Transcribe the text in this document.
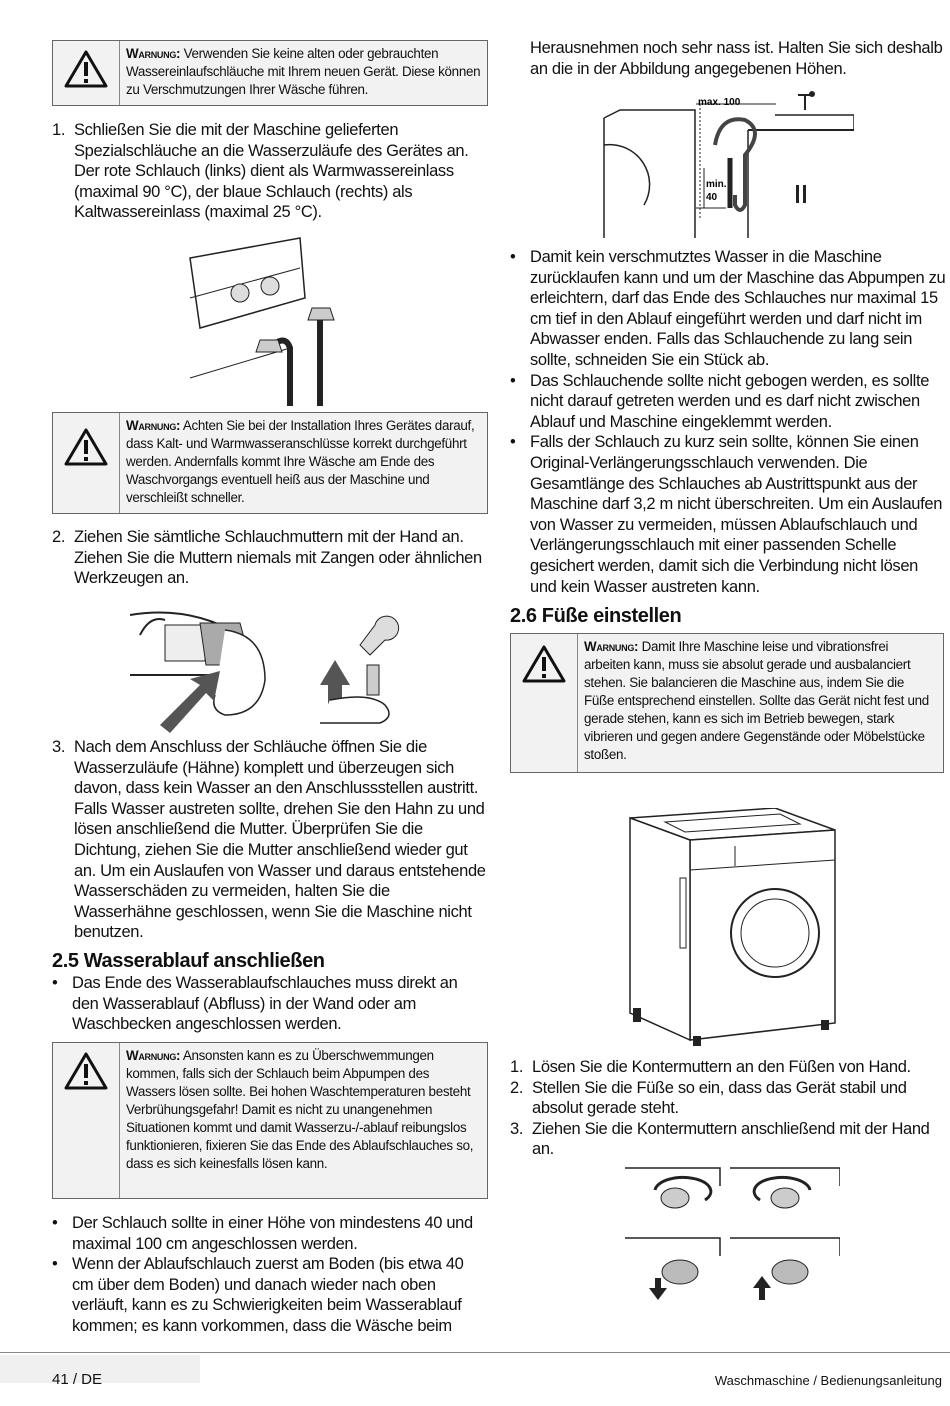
Warnung: Verwenden Sie keine alten oder gebrauchten Wassereinlaufschläuche mit Ihrem neuen Gerät. Diese können zu Verschmutzungen Ihrer Wäsche führen.
1. Schließen Sie die mit der Maschine gelieferten Spezialschläuche an die Wasserzuläufe des Gerätes an. Der rote Schlauch (links) dient als Warmwassereinlass (maximal 90 °C), der blaue Schlauch (rechts) als Kaltwassereinlass (maximal 25 °C).
Warnung: Achten Sie bei der Installation Ihres Gerätes darauf, dass Kalt- und Warmwasseranschlüsse korrekt durchgeführt werden. Andernfalls kommt Ihre Wäsche am Ende des Waschvorgangs eventuell heiß aus der Maschine und verschleißt schneller.
2. Ziehen Sie sämtliche Schlauchmuttern mit der Hand an. Ziehen Sie die Muttern niemals mit Zangen oder ähnlichen Werkzeugen an.
3. Nach dem Anschluss der Schläuche öffnen Sie die Wasserzuläufe (Hähne) komplett und überzeugen sich davon, dass kein Wasser an den Anschlussstellen austritt. Falls Wasser austreten sollte, drehen Sie den Hahn zu und lösen anschließend die Mutter. Überprüfen Sie die Dichtung, ziehen Sie die Mutter anschließend wieder gut an. Um ein Auslaufen von Wasser und daraus entstehende Wasserschäden zu vermeiden, halten Sie die Wasserhähne geschlossen, wenn Sie die Maschine nicht benutzen.
2.5 Wasserablauf anschließen
• Das Ende des Wasserablaufschlauches muss direkt an den Wasserablauf (Abfluss) in der Wand oder am Waschbecken angeschlossen werden.
Warnung: Ansonsten kann es zu Überschwemmungen kommen, falls sich der Schlauch beim Abpumpen des Wassers lösen sollte. Bei hohen Waschtemperaturen besteht Verbrühungsgefahr! Damit es nicht zu unangenehmen Situationen kommt und damit Wasserzu-/-ablauf reibungslos funktionieren, fixieren Sie das Ende des Ablaufschlauches so, dass es sich keinesfalls lösen kann.
• Der Schlauch sollte in einer Höhe von mindestens 40 und maximal 100 cm angeschlossen werden.
• Wenn der Ablaufschlauch zuerst am Boden (bis etwa 40 cm über dem Boden) und danach wieder nach oben verläuft, kann es zu Schwierigkeiten beim Wasserablauf kommen; es kann vorkommen, dass die Wäsche beim

Herausnehmen noch sehr nass ist. Halten Sie sich deshalb an die in der Abbildung angegebenen Höhen.

max. 100
min.
40
• Damit kein verschmutztes Wasser in die Maschine zurücklaufen kann und um der Maschine das Abpumpen zu erleichtern, darf das Ende des Schlauches nur maximal 15 cm tief in den Ablauf eingeführt werden und darf nicht im Abwasser enden. Falls das Schlauchende zu lang sein sollte, schneiden Sie ein Stück ab.
• Das Schlauchende sollte nicht gebogen werden, es sollte nicht darauf getreten werden und es darf nicht zwischen Ablauf und Maschine eingeklemmt werden.
• Falls der Schlauch zu kurz sein sollte, können Sie einen Original-Verlängerungsschlauch verwenden. Die Gesamtlänge des Schlauches ab Austrittspunkt aus der Maschine darf 3,2 m nicht überschreiten. Um ein Auslaufen von Wasser zu vermeiden, müssen Ablaufschlauch und Verlängerungsschlauch mit einer passenden Schelle gesichert werden, damit sich die Verbindung nicht lösen und kein Wasser austreten kann.
2.6 Füße einstellen
Warnung: Damit Ihre Maschine leise und vibrationsfrei arbeiten kann, muss sie absolut gerade und ausbalanciert stehen. Sie balancieren die Maschine aus, indem Sie die Füße entsprechend einstellen. Sollte das Gerät nicht fest und gerade stehen, kann es sich im Betrieb bewegen, stark vibrieren und gegen andere Gegenstände oder Möbelstücke stoßen.
1. Lösen Sie die Kontermuttern an den Füßen von Hand.
2. Stellen Sie die Füße so ein, dass das Gerät stabil und absolut gerade steht.
3. Ziehen Sie die Kontermuttern anschließend mit der Hand an.
41 / DE	Waschmaschine / Bedienungsanleitung
